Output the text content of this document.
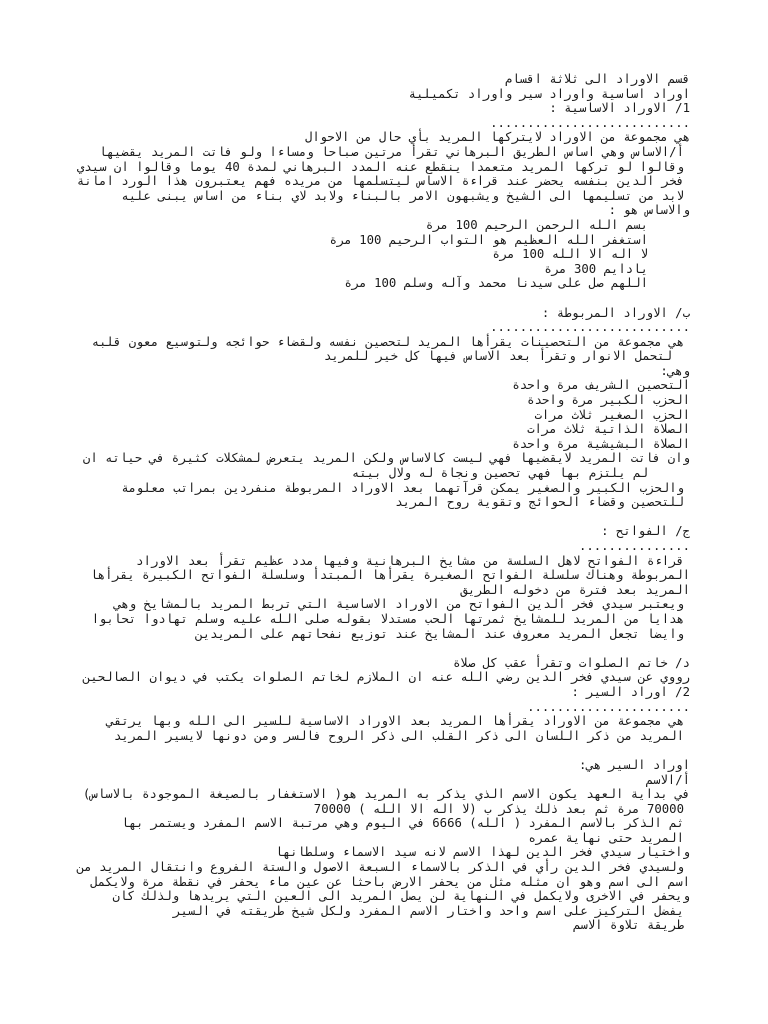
قسم الاوراد الى ثلاثة اقسام
اوراد اساسية واوراد سير واوراد تكميلية
1/ الاوراد الاساسية :
...........................
هي مجموعة من الاوراد لايتركها المريد بأي حال من الاحوال
أ/الاساس وهي اساس الطريق البرهاني تقرأ مرتين صباحا ومساءا ولو فاتت المريد يقضيها
وقالوا لو تركها المريد متعمدا ينقطع عنه المدد البرهاني لمدة 40 يوما وقالوا ان سيدي
فخر الدين بنفسه يحضر عند قراءة الاساس ليتسلمها من مريده فهم يعتبرون هذا الورد امانة
لابد من تسليمها الى الشيخ ويشبهون الامر بالبناء ولابد لاي بناء من اساس يبنى عليه
والاساس هو :
بسم الله الرحمن الرحيم 100 مرة
استغفر الله العظيم هو التواب الرحيم 100 مرة
لا اله الا الله 100 مرة
يادايم 300 مرة
اللهم صل على سيدنا محمد وآله وسلم 100 مرة
ب/ الاوراد المربوطة :
...........................
هي مجموعة من التحصينات يقرأها المريد لتحصين نفسه ولقضاء حوائجه ولتوسيع معون قلبه
لتحمل الانوار وتقرأ بعد الاساس فيها كل خير للمريد
وهي:
التحصين الشريف مرة واحدة
الحزب الكبير مرة واحدة
الحزب الصغير ثلاث مرات
الصلاة الذاتية ثلاث مرات
الصلاة البشيشية مرة واحدة
وان فاتت المريد لايقضيها فهي ليست كالاساس ولكن المريد يتعرض لمشكلات كثيرة في حياته ان
لم يلتزم بها فهي تحصين ونجاة له ولال بيته
والحزب الكبير والصغير يمكن قرآتهما بعد الاوراد المربوطة منفردين بمراتب معلومة
للتحصين وقضاء الحوائج وتقوية روح المريد
ج/ الفواتح :
...............
قراءة الفواتح لاهل السلسة من مشايخ البرهانية وفيها مدد عظيم تقرأ بعد الاوراد
المربوطة وهناك سلسلة الفواتح الصغيرة يقرأها المبتدأ وسلسلة الفواتح الكبيرة يقرأها
المريد بعد فترة من دخوله الطريق
ويعتبر سيدي فخر الدين الفواتح من الاوراد الاساسية التي تربط المريد بالمشايخ وهي
هدايا من المريد للمشايخ ثمرتها الحب مستدلا بقوله صلى الله عليه وسلم تهادوا تحابوا
وايضا تجعل المريد معروف عند المشايخ عند توزيع نفحاتهم على المريدين
د/ خاتم الصلوات وتقرأ عقب كل صلاة
رووي عن سيدي فخر الدين رضي الله عنه ان الملازم لخاتم الصلوات يكتب في ديوان الصالحين
2/ اوراد السير :
......................
هي مجموعة من الاوراد يقرأها المريد بعد الاوراد الاساسية للسير الى الله وبها يرتقي
المريد من ذكر اللسان الى ذكر القلب الى ذكر الروح فالسر ومن دونها لايسير المريد
اوراد السير هي:
أ/الاسم
في بداية العهد يكون الاسم الذي يذكر به المريد هو( الاستغفار بالصيغة الموجودة بالاساس)
70000 مرة ثم بعد ذلك يذكر ب (لا اله الا الله ) 70000
ثم الذكر بالاسم المفرد ( الله) 6666 في اليوم وهي مرتبة الاسم المفرد ويستمر بها
المريد حتى نهاية عمره
واختيار سيدي فخر الدين لهذا الاسم لانه سيد الاسماء وسلطانها
ولسيدي فخر الدين رأي في الذكر بالاسماء السبعة الاصول والستة الفروع وانتقال المريد من
اسم الى اسم وهو ان مثله مثل من يحفر الارض باحثا عن عين ماء يحفر في نقطة مرة ولايكمل
ويحفر في الاخرى ولايكمل في النهاية لن يصل المريد الى العين التي يريدها ولذلك كان
يفضل التركيز على اسم واحد واختار الاسم المفرد ولكل شيخ طريقته في السير
طريقة تلاوة الاسم
